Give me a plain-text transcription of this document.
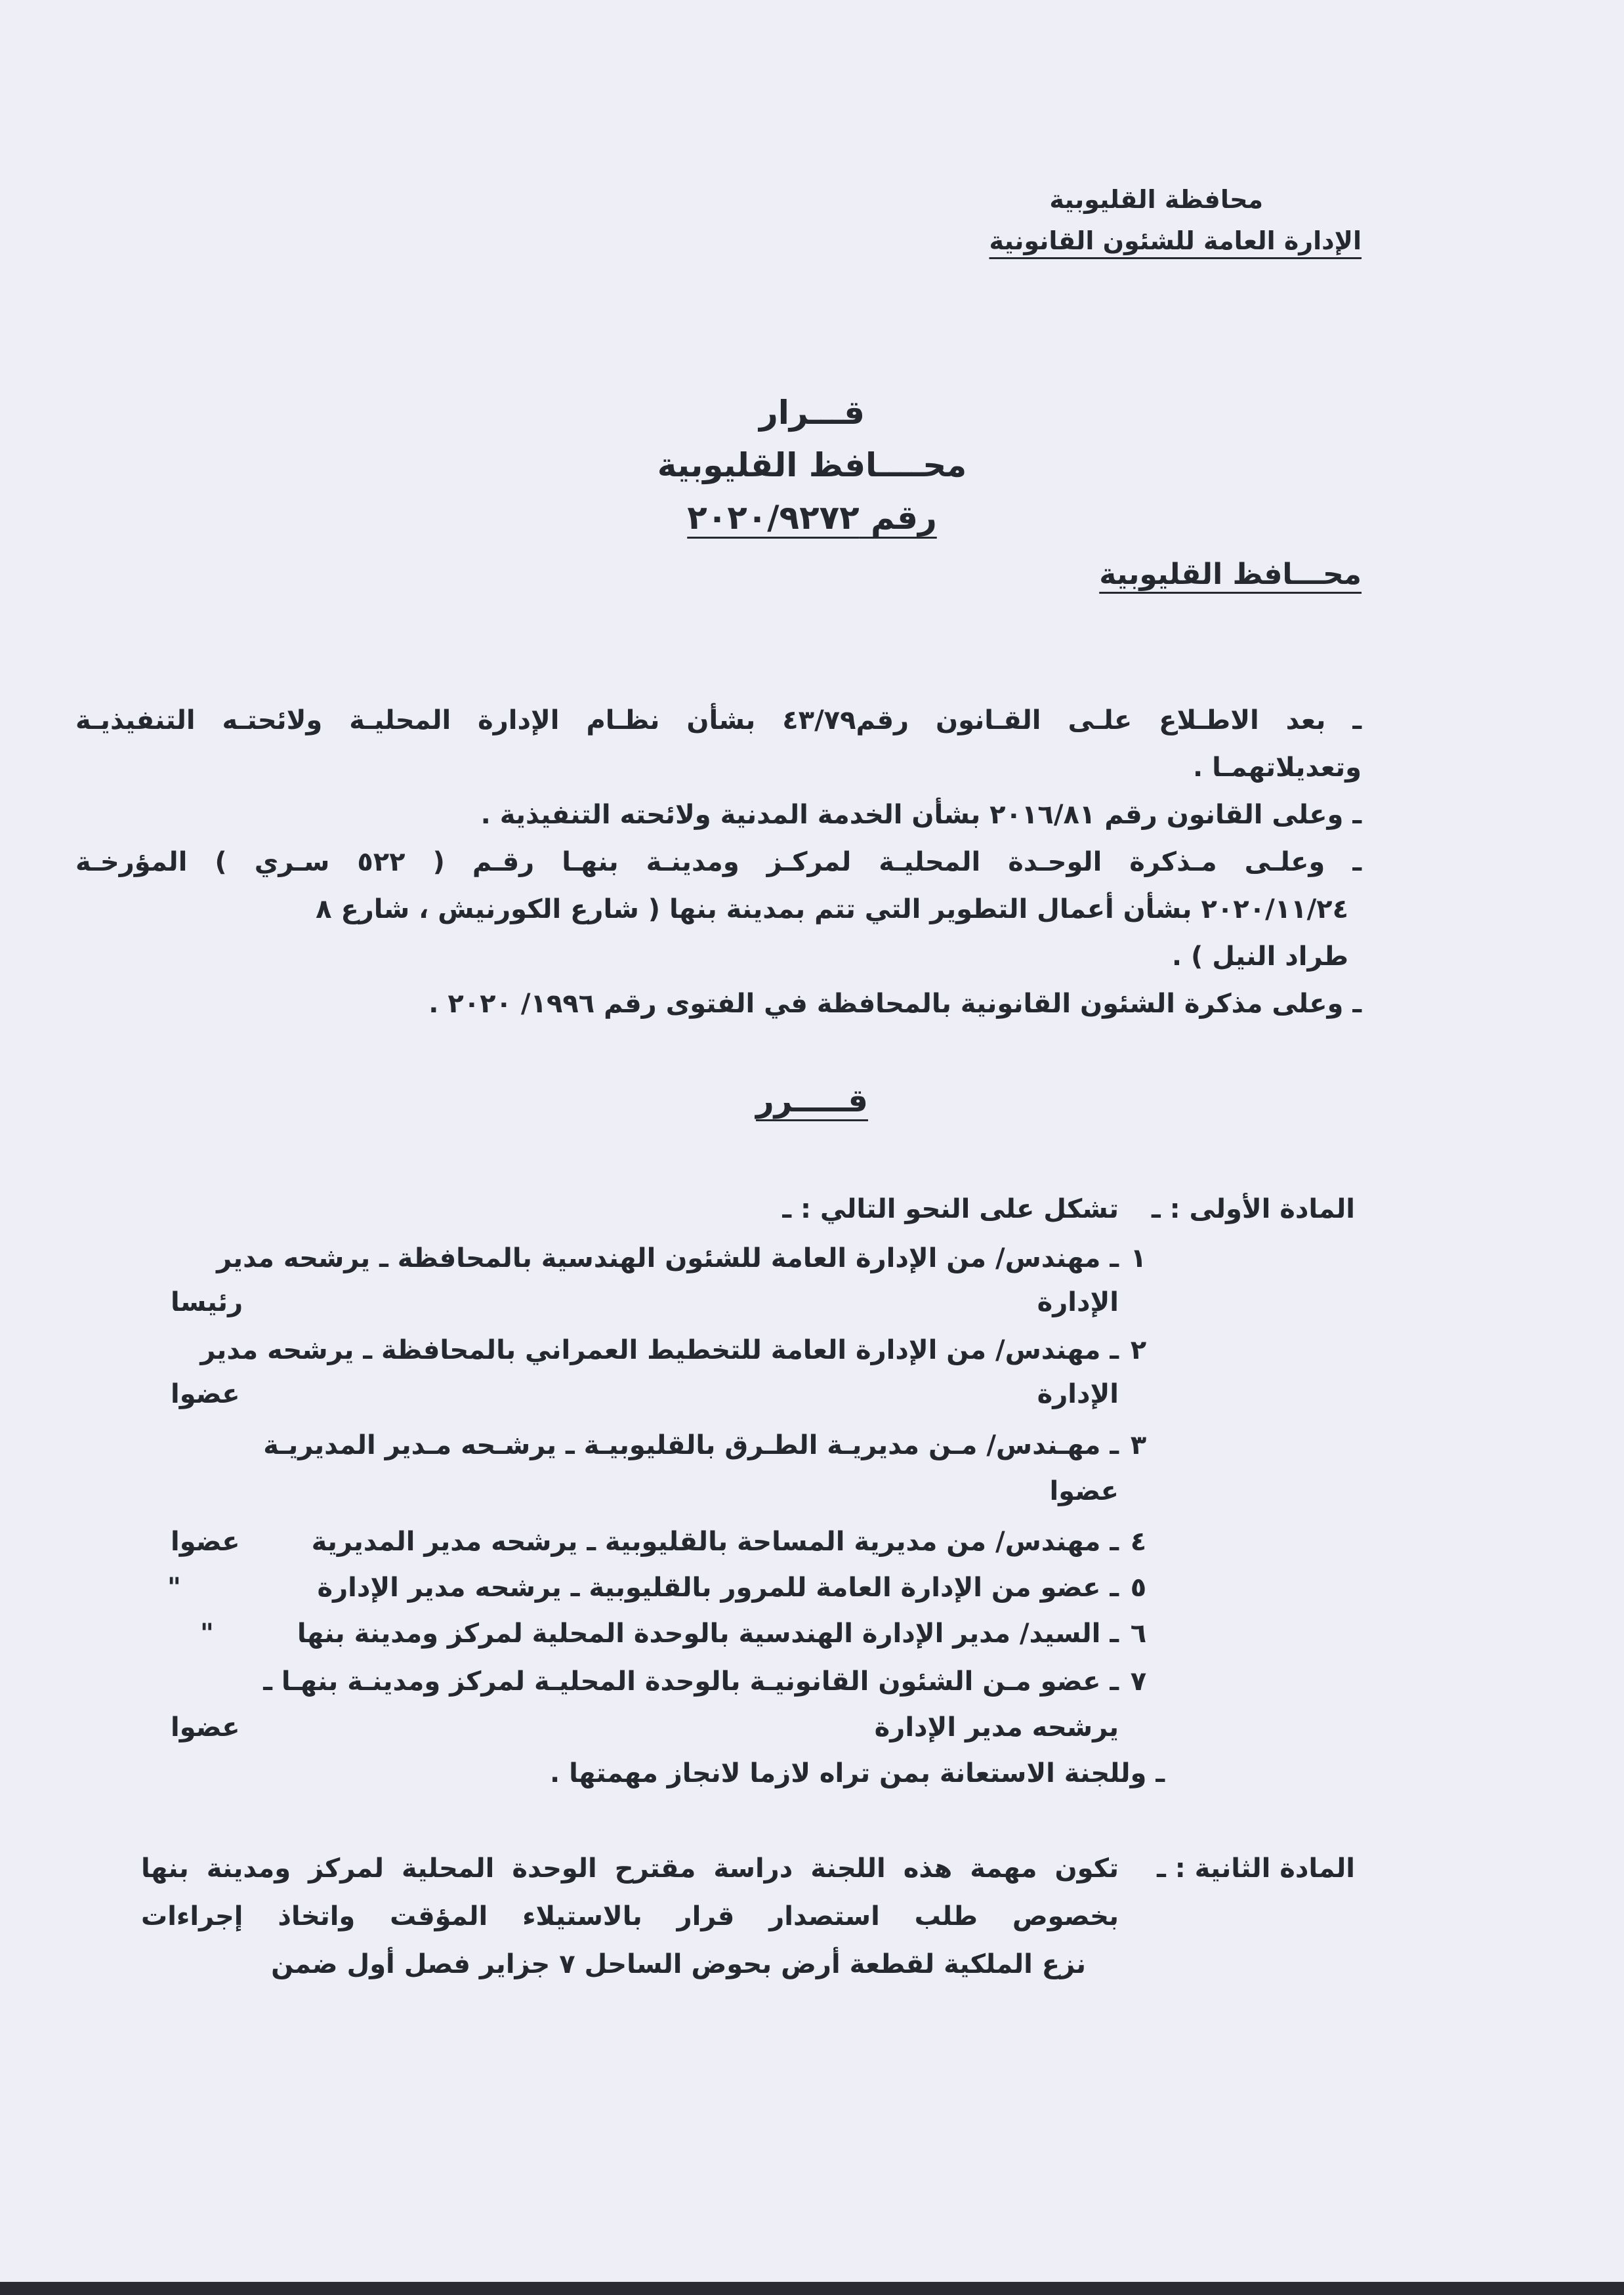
محافظة القليوبية
الإدارة العامة للشئون القانونية
قـــرار
محــــافظ القليوبية
رقم ٢٠٢٠/٩٢٧٢
محـــافظ القليوبية
ـ بعد الاطـلاع علـى القـانون رقم٤٣/٧٩ بشأن نظـام الإدارة المحليـة ولائحتـه التنفيذيـة
وتعديلاتهمـا .
ـ وعلى القانون رقم ٢٠١٦/٨١ بشأن الخدمة المدنية ولائحته التنفيذية .
ـ وعلـى مـذكرة الوحـدة المحليـة لمركـز ومدينـة بنهـا رقـم ( ٥٢٢ سـري ) المؤرخـة
٢٠٢٠/١١/٢٤ بشأن أعمال التطوير التي تتم بمدينة بنها ( شارع الكورنيش ، شارع ٨
طراد النيل ) .
ـ وعلى مذكرة الشئون القانونية بالمحافظة في الفتوى رقم ١٩٩٦/ ٢٠٢٠ .
قـــــرر
المادة الأولى : ـ
تشكل على النحو التالي : ـ
١
ـ مهندس/ من الإدارة العامة للشئون الهندسية بالمحافظة ـ يرشحه مدير
الإدارة
رئيسا
٢
ـ مهندس/ من الإدارة العامة للتخطيط العمراني بالمحافظة ـ يرشحه مدير
الإدارة
عضوا
٣
ـ مهـندس/ مـن مديريـة الطـرق بالقليوبيـة ـ يرشـحه مـدير المديريـة
عضوا
٤
ـ مهندس/ من مديرية المساحة بالقليوبية ـ يرشحه مدير المديرية
عضوا
٥
ـ عضو من الإدارة العامة للمرور بالقليوبية ـ يرشحه مدير الإدارة
"
٦
ـ السيد/ مدير الإدارة الهندسية بالوحدة المحلية لمركز ومدينة بنها
"
٧
ـ عضو مـن الشئون القانونيـة بالوحدة المحليـة لمركز ومدينـة بنهـا ـ
يرشحه مدير الإدارة
عضوا
ـ وللجنة الاستعانة بمن تراه لازما لانجاز مهمتها .
المادة الثانية : ـ
تكون مهمة هذه اللجنة دراسة مقترح الوحدة المحلية لمركز ومدينة بنها
بخصوص طلب استصدار قرار بالاستيلاء المؤقت واتخاذ إجراءات
نزع الملكية لقطعة أرض بحوض الساحل ٧ جزاير فصل أول ضمن
